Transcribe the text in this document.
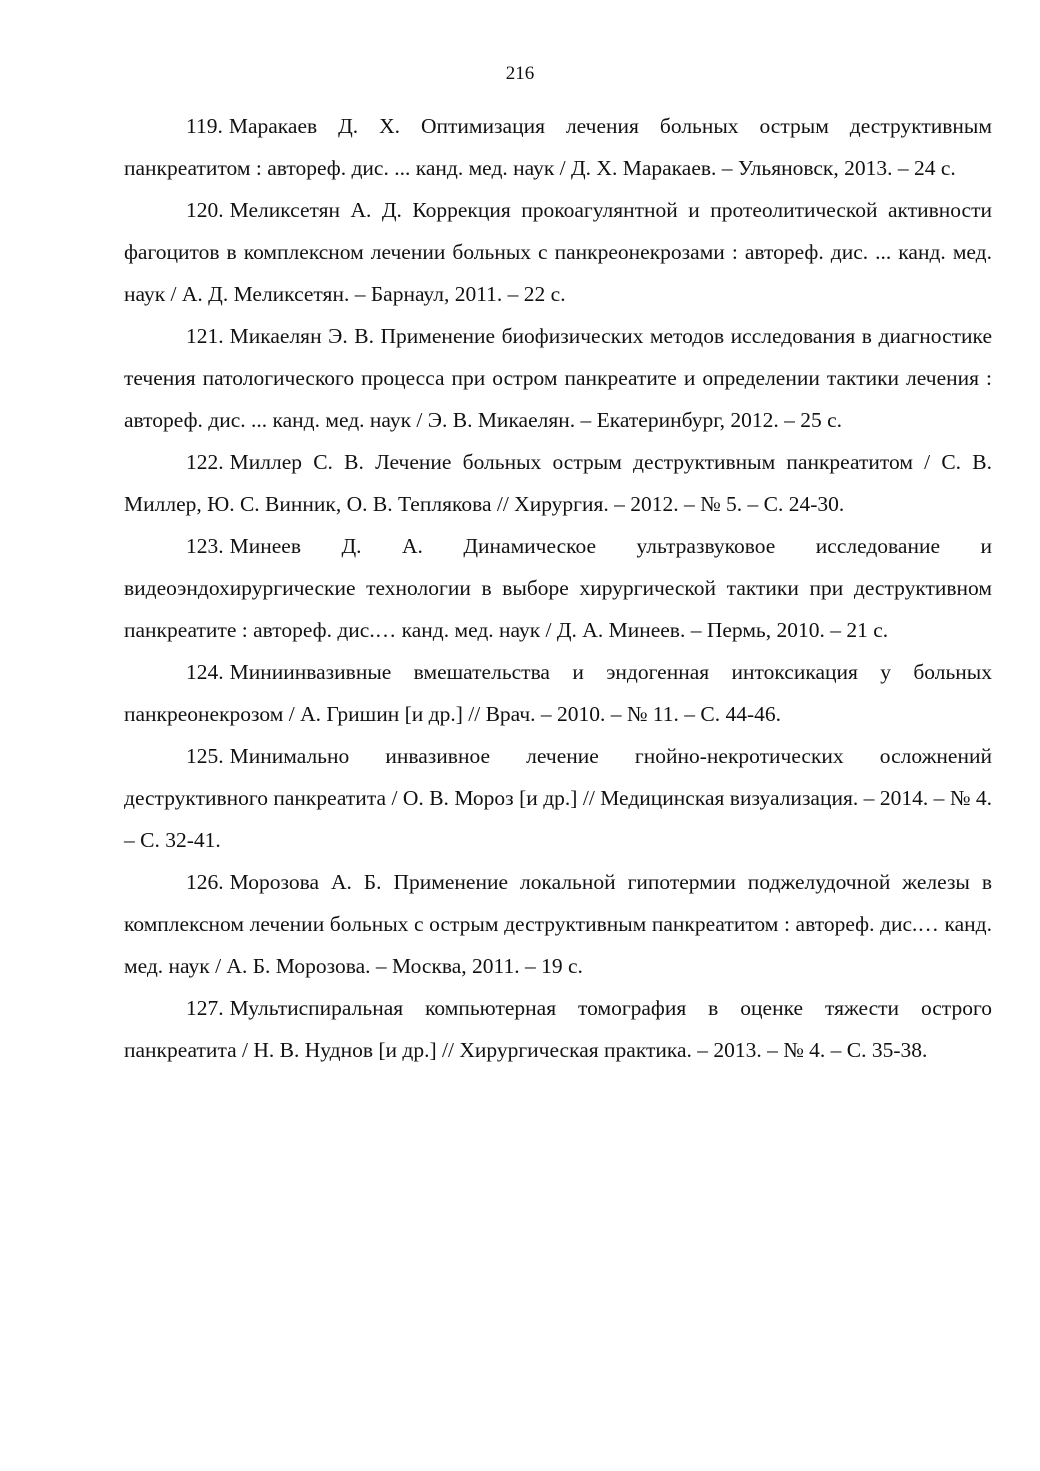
216
119. Маракаев Д. Х. Оптимизация лечения больных острым деструктивным панкреатитом : автореф. дис. ... канд. мед. наук / Д. Х. Маракаев. – Ульяновск, 2013. – 24 с.
120. Меликсетян А. Д. Коррекция прокоагулянтной и протеолитической активности фагоцитов в комплексном лечении больных с панкреонекрозами : автореф. дис. ... канд. мед. наук / А. Д. Меликсетян. – Барнаул, 2011. – 22 с.
121. Микаелян Э. В. Применение биофизических методов исследования в диагностике течения патологического процесса при остром панкреатите и определении тактики лечения : автореф. дис. ... канд. мед. наук / Э. В. Микаелян. – Екатеринбург, 2012. – 25 с.
122. Миллер С. В. Лечение больных острым деструктивным панкреатитом / С. В. Миллер, Ю. С. Винник, О. В. Теплякова // Хирургия. – 2012. – № 5. – С. 24-30.
123. Минеев Д. А. Динамическое ультразвуковое исследование и видеоэндохирургические технологии в выборе хирургической тактики при деструктивном панкреатите : автореф. дис.… канд. мед. наук / Д. А. Минеев. – Пермь, 2010. – 21 с.
124. Миниинвазивные вмешательства и эндогенная интоксикация у больных панкреонекрозом / А. Гришин [и др.] // Врач. – 2010. – № 11. – С. 44-46.
125. Минимально инвазивное лечение гнойно-некротических осложнений деструктивного панкреатита / О. В. Мороз [и др.] // Медицинская визуализация. – 2014. – № 4. – С. 32-41.
126. Морозова А. Б. Применение локальной гипотермии поджелудочной железы в комплексном лечении больных с острым деструктивным панкреатитом : автореф. дис.… канд. мед. наук / А. Б. Морозова. – Москва, 2011. – 19 с.
127. Мультиспиральная компьютерная томография в оценке тяжести острого панкреатита / Н. В. Нуднов [и др.] // Хирургическая практика. – 2013. – № 4. – С. 35-38.
